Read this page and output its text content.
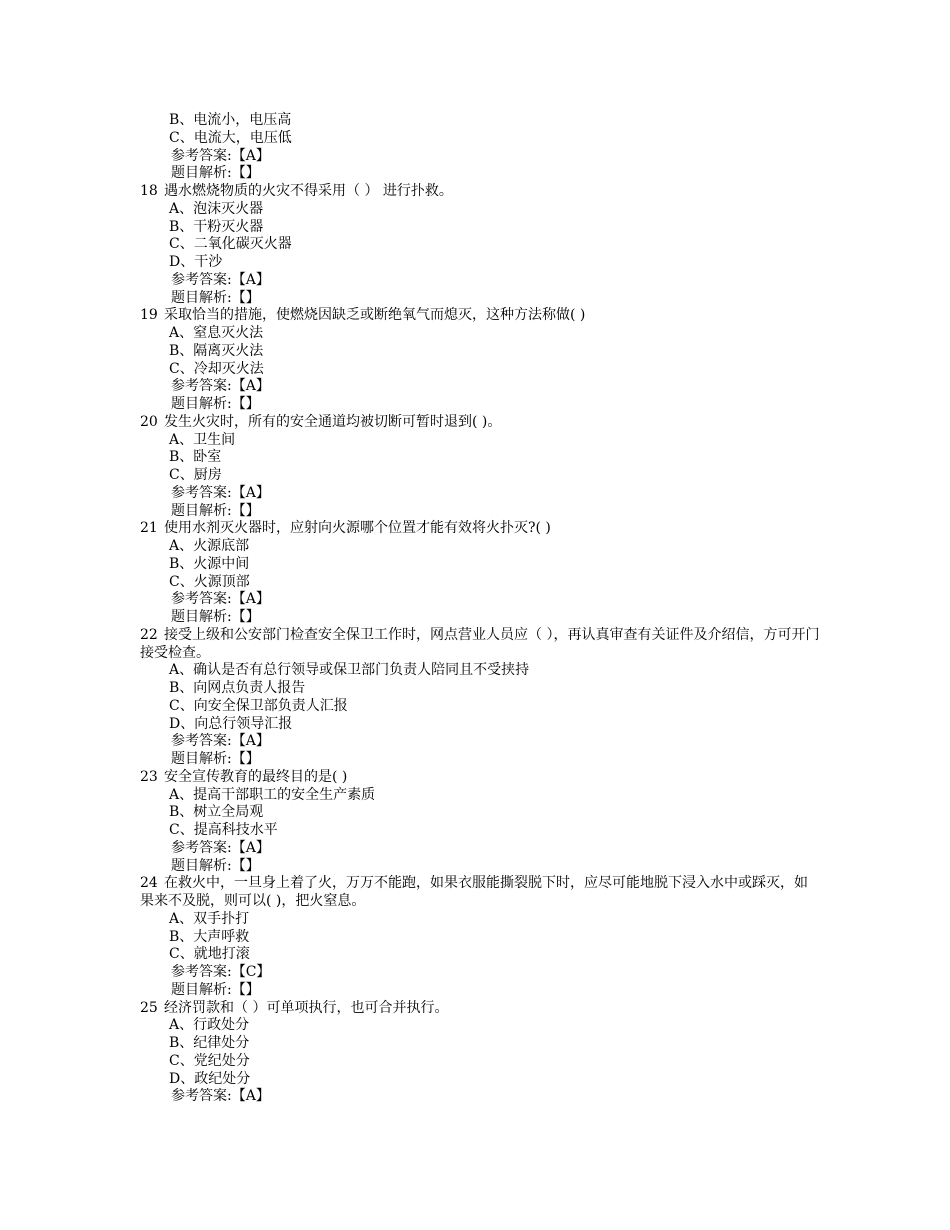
B、电流小，电压高
C、电流大，电压低
参考答案:【A】
题目解析:【】
18 遇水燃烧物质的火灾不得采用（ ） 进行扑救。
A、泡沫灭火器
B、干粉灭火器
C、二氧化碳灭火器
D、干沙
参考答案:【A】
题目解析:【】
19 采取恰当的措施，使燃烧因缺乏或断绝氧气而熄灭，这种方法称做( )
A、窒息灭火法
B、隔离灭火法
C、冷却灭火法
参考答案:【A】
题目解析:【】
20 发生火灾时，所有的安全通道均被切断可暂时退到( )。
A、卫生间
B、卧室
C、厨房
参考答案:【A】
题目解析:【】
21 使用水剂灭火器时，应射向火源哪个位置才能有效将火扑灭?( )
A、火源底部
B、火源中间
C、火源顶部
参考答案:【A】
题目解析:【】
22 接受上级和公安部门检查安全保卫工作时，网点营业人员应（ ），再认真审查有关证件及介绍信，方可开门接受检查。
A、确认是否有总行领导或保卫部门负责人陪同且不受挟持
B、向网点负责人报告
C、向安全保卫部负责人汇报
D、向总行领导汇报
参考答案:【A】
题目解析:【】
23 安全宣传教育的最终目的是( )
A、提高干部职工的安全生产素质
B、树立全局观
C、提高科技水平
参考答案:【A】
题目解析:【】
24 在救火中，一旦身上着了火，万万不能跑，如果衣服能撕裂脱下时，应尽可能地脱下浸入水中或踩灭，如果来不及脱，则可以( )，把火窒息。
A、双手扑打
B、大声呼救
C、就地打滚
参考答案:【C】
题目解析:【】
25 经济罚款和（ ）可单项执行，也可合并执行。
A、行政处分
B、纪律处分
C、党纪处分
D、政纪处分
参考答案:【A】
